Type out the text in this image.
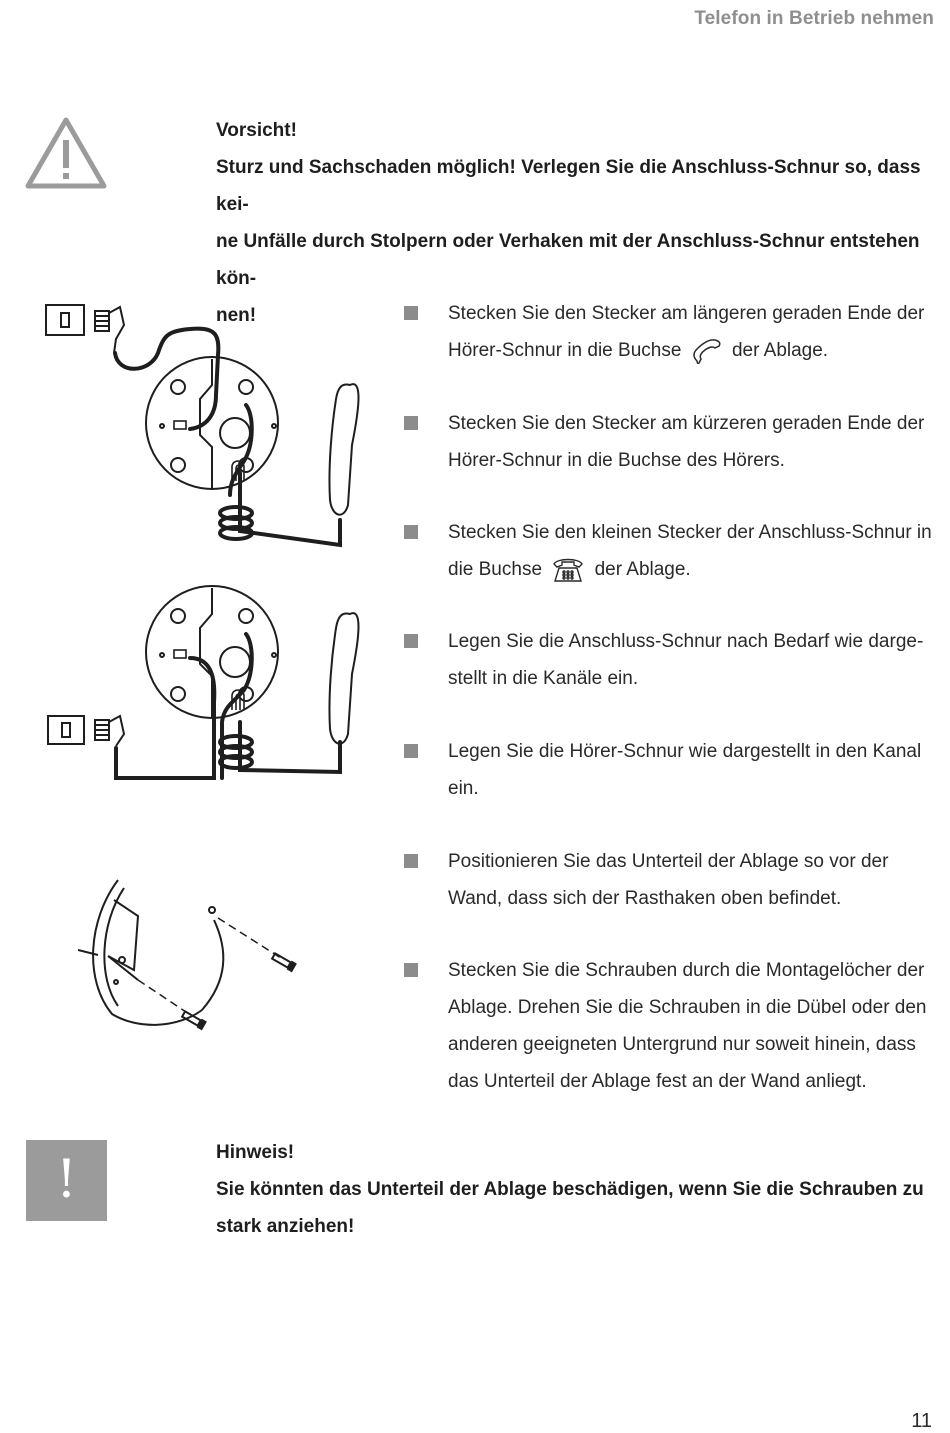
Telefon in Betrieb nehmen
Vorsicht!
Sturz und Sachschaden möglich! Verlegen Sie die Anschluss-Schnur so, dass kei-
ne Unfälle durch Stolpern oder Verhaken mit der Anschluss-Schnur entstehen kön-
nen!	Stecken Sie den Stecker am längeren geraden Ende der
Hörer-Schnur in die Buchse	der Ablage.
Stecken Sie den Stecker am kürzeren geraden Ende der
Hörer-Schnur in die Buchse des Hörers.
Stecken Sie den kleinen Stecker der Anschluss-Schnur in
die Buchse	der Ablage.
Legen Sie die Anschluss-Schnur nach Bedarf wie darge-
stellt in die Kanäle ein.
Legen Sie die Hörer-Schnur wie dargestellt in den Kanal
ein.
Positionieren Sie das Unterteil der Ablage so vor der
Wand, dass sich der Rasthaken oben befindet.
Stecken Sie die Schrauben durch die Montagelöcher der
Ablage. Drehen Sie die Schrauben in die Dübel oder den
anderen geeigneten Untergrund nur soweit hinein, dass
das Unterteil der Ablage fest an der Wand anliegt.
!	Hinweis!
Sie könnten das Unterteil der Ablage beschädigen, wenn Sie die Schrauben zu
stark anziehen!
11
